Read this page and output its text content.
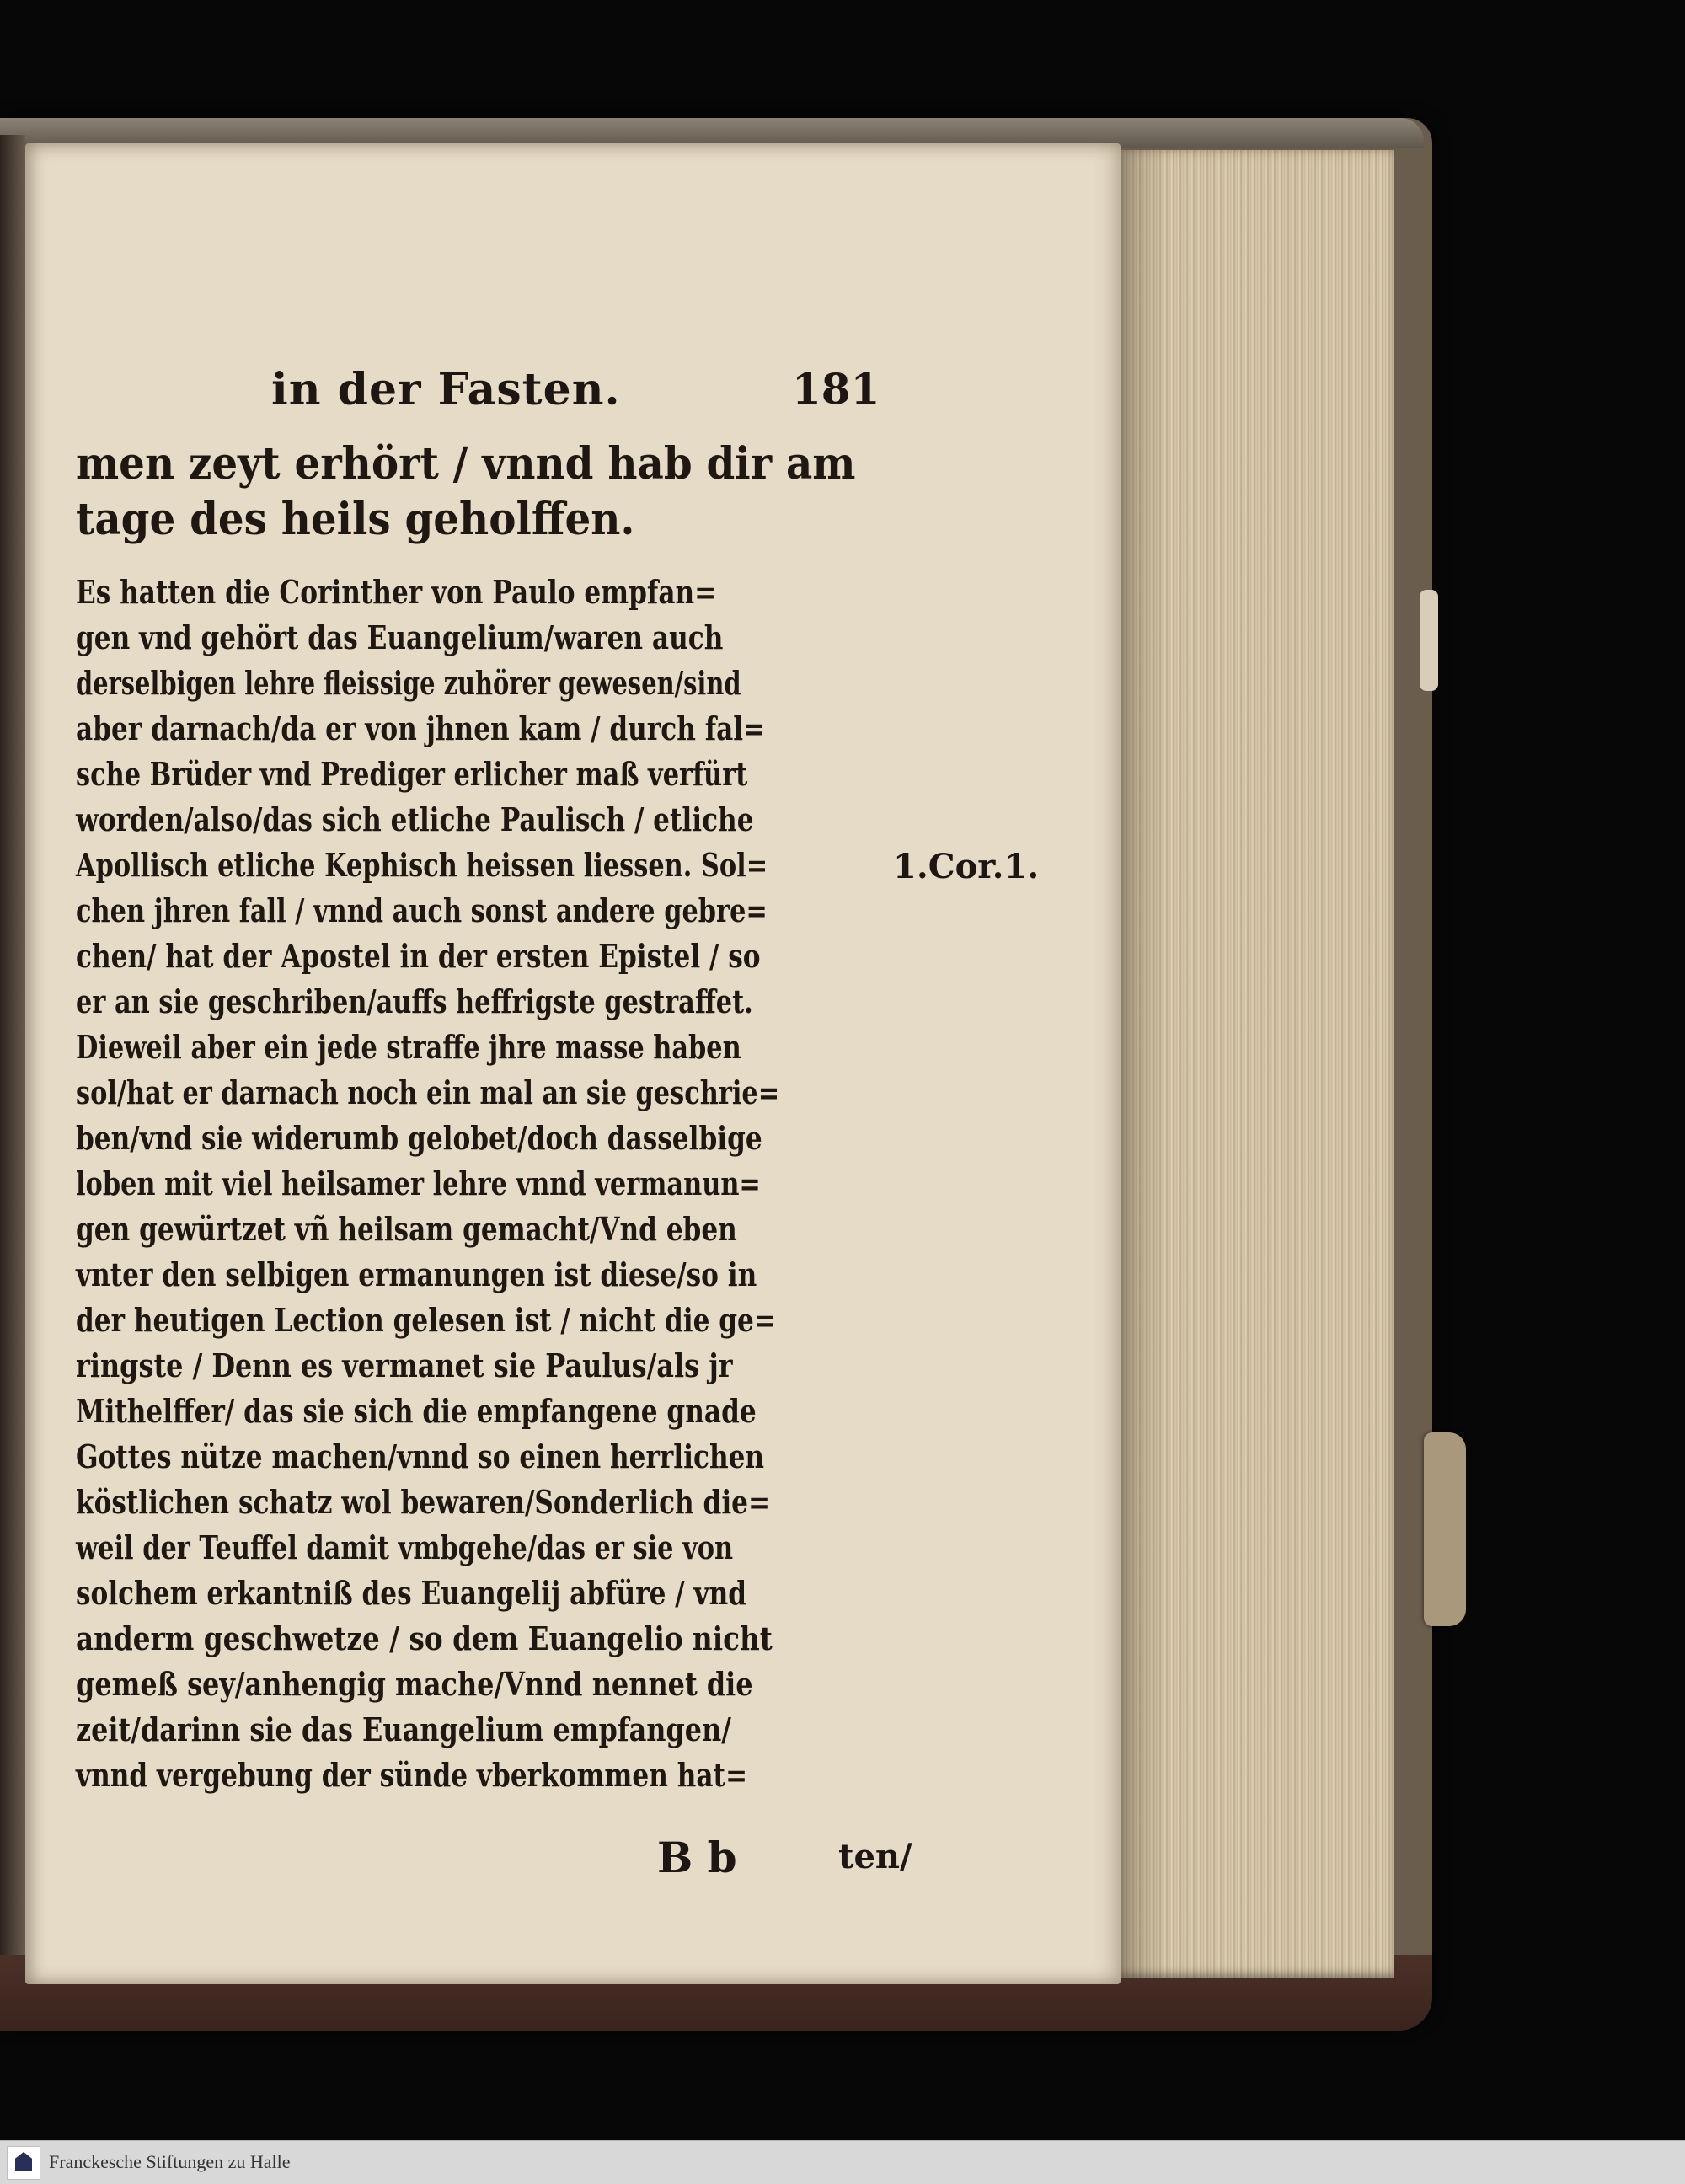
in der Fasten.	181
men zeyt erhört / vnnd hab dir am
tage des heils geholffen.
Es hatten die Corinther von Paulo empfan=
gen vnd gehört das Euangelium/waren auch
derselbigen lehre fleissige zuhörer gewesen/sind
aber darnach/da er von jhnen kam / durch fal=
sche Brüder vnd Prediger erlicher maß verfürt
worden/also/das sich etliche Paulisch / etliche
Apollisch etliche Kephisch heissen liessen. Sol=
chen jhren fall / vnnd auch sonst andere gebre=
chen/ hat der Apostel in der ersten Epistel / so
er an sie geschriben/auffs heffrigste gestraffet.
Dieweil aber ein jede straffe jhre masse haben
sol/hat er darnach noch ein mal an sie geschrie=
ben/vnd sie widerumb gelobet/doch dasselbige
loben mit viel heilsamer lehre vnnd vermanun=
gen gewürtzet vñ heilsam gemacht/Vnd eben
vnter den selbigen ermanungen ist diese/so in
der heutigen Lection gelesen ist / nicht die ge=
ringste / Denn es vermanet sie Paulus/als jr
Mithelffer/ das sie sich die empfangene gnade
Gottes nütze machen/vnnd so einen herrlichen
köstlichen schatz wol bewaren/Sonderlich die=
weil der Teuffel damit vmbgehe/das er sie von
solchem erkantniß des Euangelij abfüre / vnd
anderm geschwetze / so dem Euangelio nicht
gemeß sey/anhengig mache/Vnnd nennet die
zeit/darinn sie das Euangelium empfangen/
vnnd vergebung der sünde vberkommen hat=
1.Cor.1.
B b	ten/
Franckesche Stiftungen zu Halle
